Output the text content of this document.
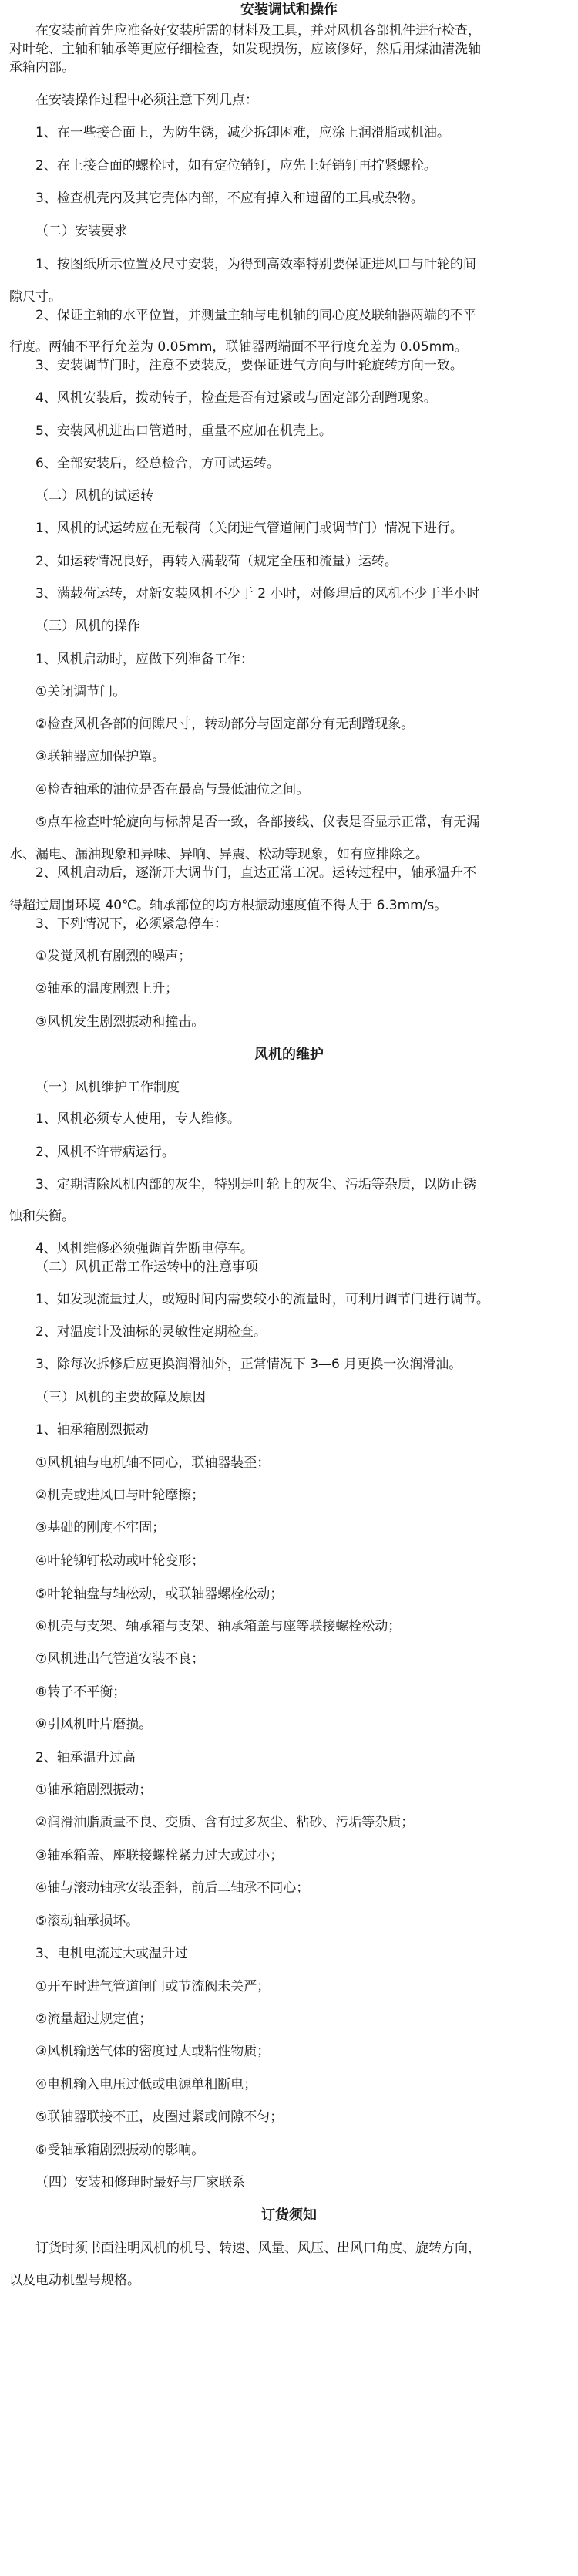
安装调试和操作
在安装前首先应准备好安装所需的材料及工具，并对风机各部机件进行检查，
对叶轮、主轴和轴承等更应仔细检查，如发现损伤，应该修好，然后用煤油清洗轴
承箱内部。
在安装操作过程中必须注意下列几点：
1、在一些接合面上，为防生锈，减少拆卸困难，应涂上润滑脂或机油。
2、在上接合面的螺栓时，如有定位销钉，应先上好销钉再拧紧螺栓。
3、检查机壳内及其它壳体内部，不应有掉入和遗留的工具或杂物。
（二）安装要求
1、按图纸所示位置及尺寸安装，为得到高效率特别要保证进风口与叶轮的间
隙尺寸。
2、保证主轴的水平位置，并测量主轴与电机轴的同心度及联轴器两端的不平
行度。两轴不平行允差为 0.05mm，联轴器两端面不平行度允差为 0.05mm。
3、安装调节门时，注意不要装反，要保证进气方向与叶轮旋转方向一致。
4、风机安装后，拨动转子，检查是否有过紧或与固定部分刮蹭现象。
5、安装风机进出口管道时，重量不应加在机壳上。
6、全部安装后，经总检合，方可试运转。
（二）风机的试运转
1、风机的试运转应在无载荷（关闭进气管道闸门或调节门）情况下进行。
2、如运转情况良好，再转入满载荷（规定全压和流量）运转。
3、满载荷运转，对新安装风机不少于 2 小时，对修理后的风机不少于半小时
（三）风机的操作
1、风机启动时，应做下列准备工作：
①关闭调节门。
②检查风机各部的间隙尺寸，转动部分与固定部分有无刮蹭现象。
③联轴器应加保护罩。
④检查轴承的油位是否在最高与最低油位之间。
⑤点车检查叶轮旋向与标牌是否一致，各部接线、仪表是否显示正常，有无漏
水、漏电、漏油现象和异味、异响、异震、松动等现象，如有应排除之。
2、风机启动后，逐渐开大调节门，直达正常工况。运转过程中，轴承温升不
得超过周围环境 40℃。轴承部位的均方根振动速度值不得大于 6.3mm/s。
3、下列情况下，必须紧急停车：
①发觉风机有剧烈的噪声；
②轴承的温度剧烈上升；
③风机发生剧烈振动和撞击。
风机的维护
（一）风机维护工作制度
1、风机必须专人使用，专人维修。
2、风机不许带病运行。
3、定期清除风机内部的灰尘，特别是叶轮上的灰尘、污垢等杂质，以防止锈
蚀和失衡。
4、风机维修必须强调首先断电停车。
（二）风机正常工作运转中的注意事项
1、如发现流量过大，或短时间内需要较小的流量时，可利用调节门进行调节。
2、对温度计及油标的灵敏性定期检查。
3、除每次拆修后应更换润滑油外，正常情况下 3—6 月更换一次润滑油。
（三）风机的主要故障及原因
1、轴承箱剧烈振动
①风机轴与电机轴不同心，联轴器装歪；
②机壳或进风口与叶轮摩擦；
③基础的刚度不牢固；
④叶轮铆钉松动或叶轮变形；
⑤叶轮轴盘与轴松动，或联轴器螺栓松动；
⑥机壳与支架、轴承箱与支架、轴承箱盖与座等联接螺栓松动；
⑦风机进出气管道安装不良；
⑧转子不平衡；
⑨引风机叶片磨损。
2、轴承温升过高
①轴承箱剧烈振动；
②润滑油脂质量不良、变质、含有过多灰尘、粘砂、污垢等杂质；
③轴承箱盖、座联接螺栓紧力过大或过小；
④轴与滚动轴承安装歪斜，前后二轴承不同心；
⑤滚动轴承损坏。
3、电机电流过大或温升过
①开车时进气管道闸门或节流阀未关严；
②流量超过规定值；
③风机输送气体的密度过大或粘性物质；
④电机输入电压过低或电源单相断电；
⑤联轴器联接不正，皮圈过紧或间隙不匀；
⑥受轴承箱剧烈振动的影响。
（四）安装和修理时最好与厂家联系
订货须知
订货时须书面注明风机的机号、转速、风量、风压、出风口角度、旋转方向，
以及电动机型号规格。
